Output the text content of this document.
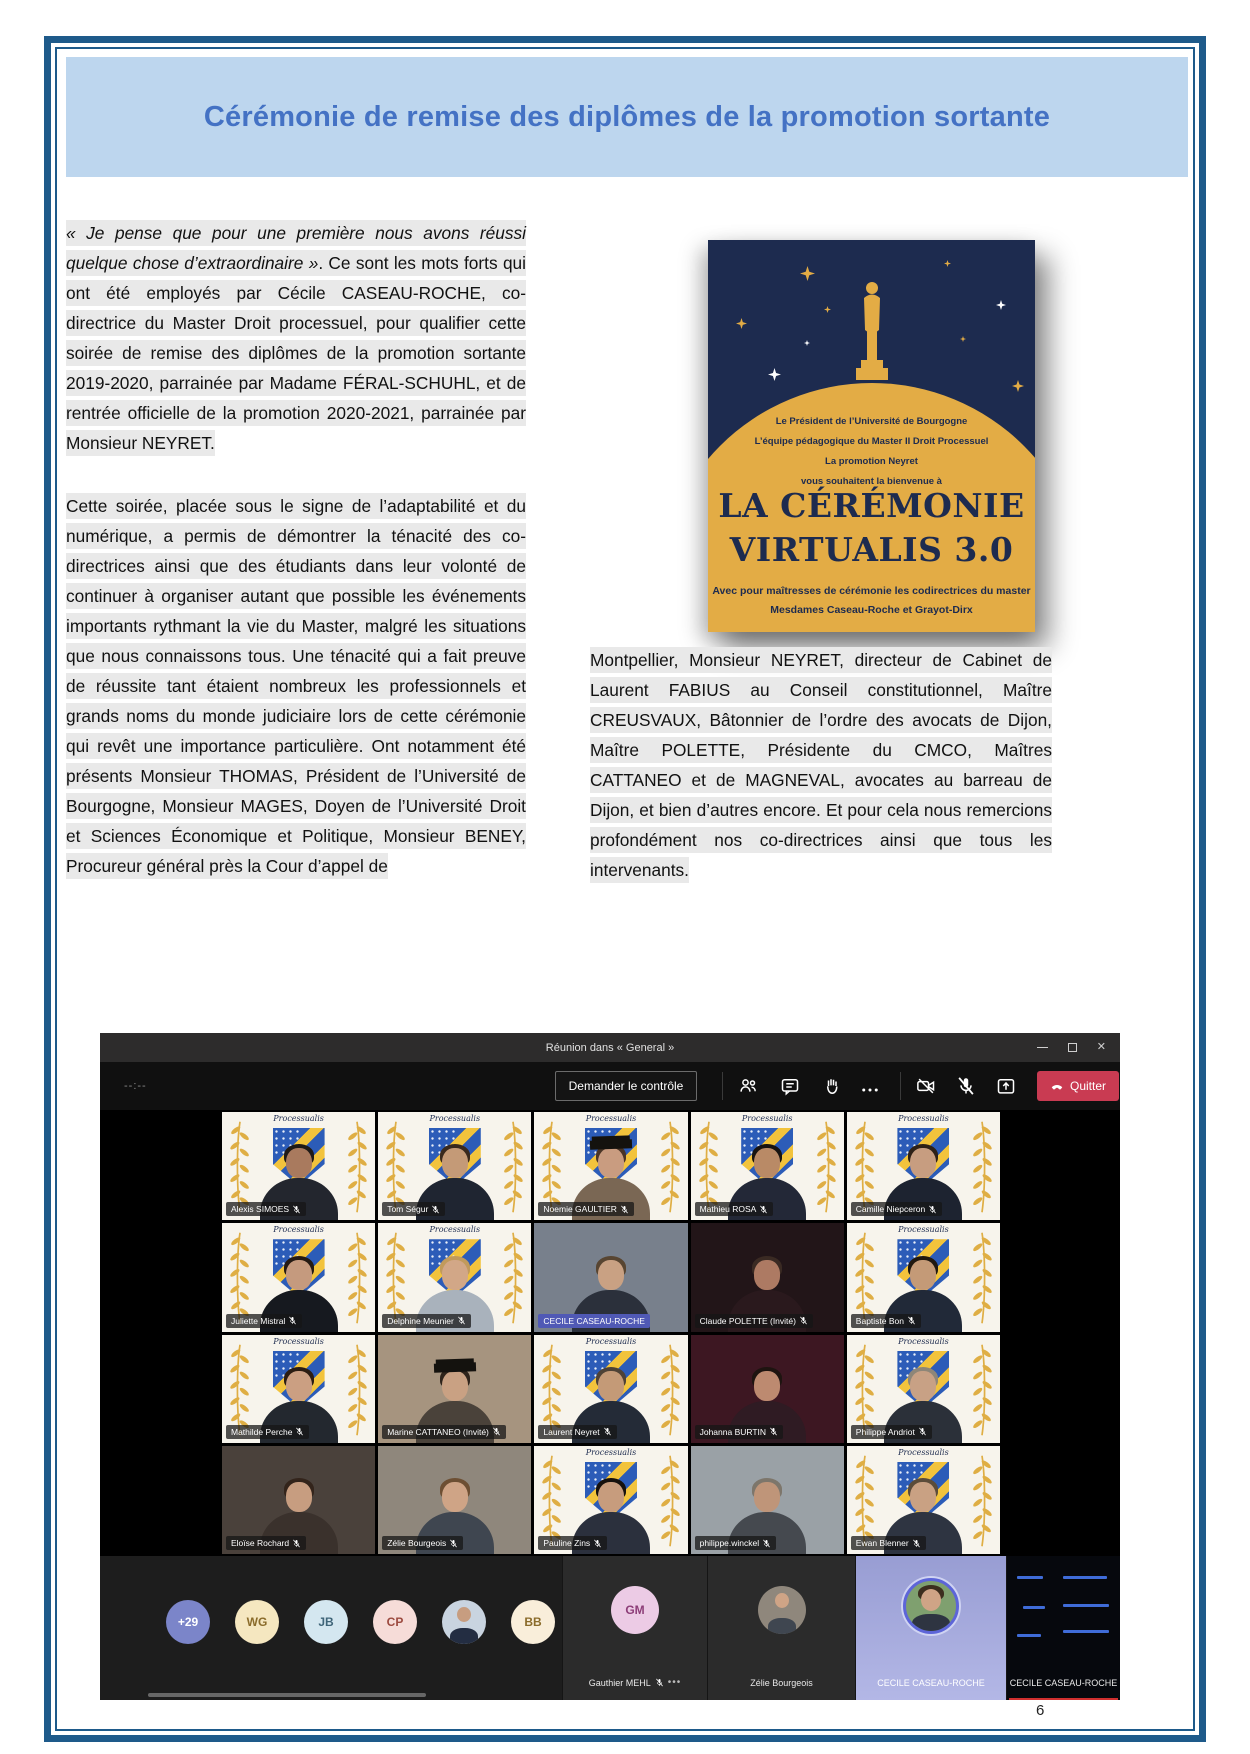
Cérémonie de remise des diplômes de la promotion sortante

« Je pense que pour une première nous avons réussi quelque chose d’extraordinaire ». Ce sont les mots forts qui ont été employés par Cécile CASEAU-ROCHE, co-directrice du Master Droit processuel, pour qualifier cette soirée de remise des diplômes de la promotion sortante 2019-2020, parrainée par Madame FÉRAL-SCHUHL, et de rentrée officielle de la promotion 2020-2021, parrainée par Monsieur NEYRET.

Cette soirée, placée sous le signe de l’adaptabilité et du numérique, a permis de démontrer la ténacité des co-directrices ainsi que des étudiants dans leur volonté de continuer à organiser autant que possible les événements importants rythmant la vie du Master, malgré les situations que nous connaissons tous. Une ténacité qui a fait preuve de réussite tant étaient nombreux les professionnels et grands noms du monde judiciaire lors de cette cérémonie qui revêt une importance particulière. Ont notamment été présents Monsieur THOMAS, Président de l’Université de Bourgogne, Monsieur MAGES, Doyen de l’Université Droit et Sciences Économique et Politique, Monsieur BENEY, Procureur général près la Cour d’appel de

Le Président de l’Université de Bourgogne
L’équipe pédagogique du Master II Droit Processuel
La promotion Neyret
vous souhaitent la bienvenue à
LA CÉRÉMONIE
VIRTUALIS 3.0
Avec pour maîtresses de cérémonie les codirectrices du master
Mesdames Caseau-Roche et Grayot-Dirx

Montpellier, Monsieur NEYRET, directeur de Cabinet de Laurent FABIUS au Conseil constitutionnel, Maître CREUSVAUX, Bâtonnier de l’ordre des avocats de Dijon, Maître POLETTE, Présidente du CMCO, Maîtres CATTANEO et de MAGNEVAL, avocates au barreau de Dijon, et bien d’autres encore. Et pour cela nous remercions profondément nos co-directrices ainsi que tous les intervenants.

Réunion dans « General »	✕
--:--	Demander le contrôle	Quitter
Processualis
Alexis SIMOES
Processualis
Tom Ségur
Processualis
Noemie GAULTIER
Processualis
Mathieu ROSA
Processualis
Camille Niepceron
Processualis
Juliette Mistral
Processualis
Delphine Meunier	CECILE CASEAU-ROCHE	Claude POLETTE (Invité)
Processualis
Baptiste Bon
Processualis
Mathilde Perche	Marine CATTANEO (Invité)
Processualis
Laurent Neyret	Johanna BURTIN
Processualis
Philippe Andriot
Eloïse Rochard	Zélie Bourgeois
Processualis
Pauline Zins	philippe.winckel
Processualis
Ewan Blenner
+29	WG	JB	CP	BB
GM
Gauthier MEHL •••	Zélie Bourgeois	CECILE CASEAU-ROCHE	CECILE CASEAU-ROCHE
6
